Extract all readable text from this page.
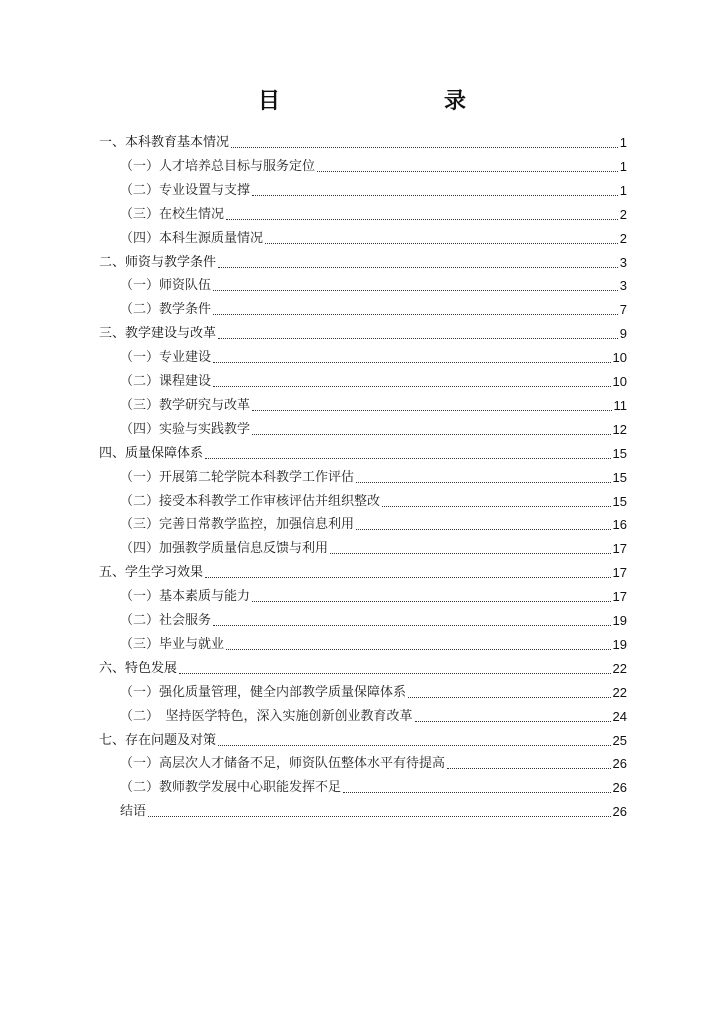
目　　录
一、本科教育基本情况	1
（一）人才培养总目标与服务定位	1
（二）专业设置与支撑	1
（三）在校生情况	2
（四）本科生源质量情况	2
二、师资与教学条件	3
（一）师资队伍	3
（二）教学条件	7
三、教学建设与改革	9
（一）专业建设	10
（二）课程建设	10
（三）教学研究与改革	11
（四）实验与实践教学	12
四、质量保障体系	15
（一）开展第二轮学院本科教学工作评估	15
（二）接受本科教学工作审核评估并组织整改	15
（三）完善日常教学监控，加强信息利用	16
（四）加强教学质量信息反馈与利用	17
五、学生学习效果	17
（一）基本素质与能力	17
（二）社会服务	19
（三）毕业与就业	19
六、特色发展	22
（一）强化质量管理，健全内部教学质量保障体系	22
（二）　坚持医学特色，深入实施创新创业教育改革	24
七、存在问题及对策	25
（一）高层次人才储备不足，师资队伍整体水平有待提高	26
（二）教师教学发展中心职能发挥不足	26
结语	26
